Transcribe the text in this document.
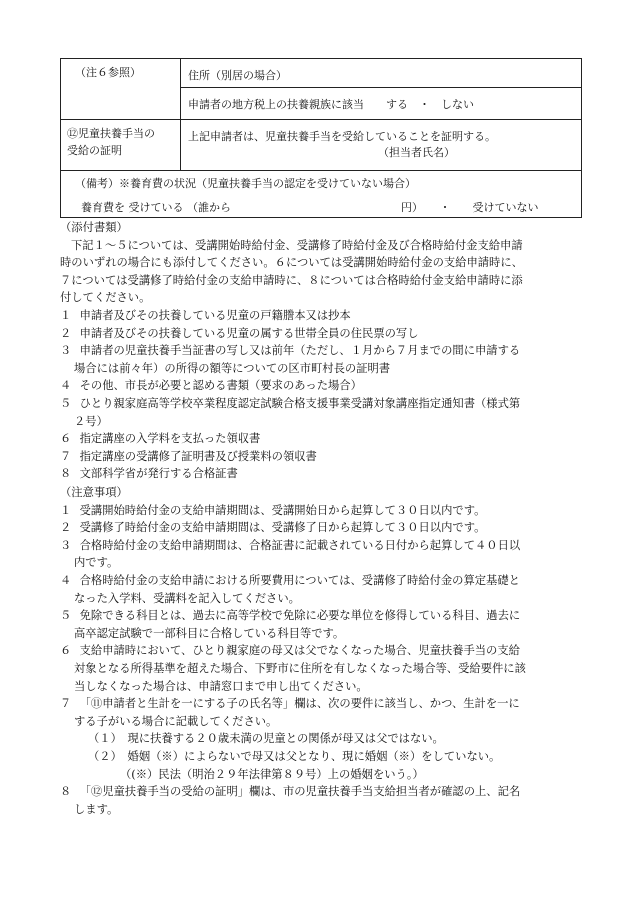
（注６参照）	住所（別居の場合）
申請者の地方税上の扶養親族に該当　　する　・　しない
⑫児童扶養手当の
受給の証明
上記申請者は、児童扶養手当を受給していることを証明する。
（担当者氏名）
（備考）※養育費の状況（児童扶養手当の認定を受けていない場合）
養育費を 受けている （誰から	円）　　・　　受けていない
（添付書類）
下記１～５については、受講開始時給付金、受講修了時給付金及び合格時給付金支給申請
時のいずれの場合にも添付してください。６については受講開始時給付金の支給申請時に、
７については受講修了時給付金の支給申請時に、８については合格時給付金支給申請時に添
付してください。
１ 申請者及びその扶養している児童の戸籍謄本又は抄本
２ 申請者及びその扶養している児童の属する世帯全員の住民票の写し
３ 申請者の児童扶養手当証書の写し又は前年（ただし、１月から７月までの間に申請する
場合には前々年）の所得の額等についての区市町村長の証明書
４ その他、市長が必要と認める書類（要求のあった場合）
５ ひとり親家庭高等学校卒業程度認定試験合格支援事業受講対象講座指定通知書（様式第
２号）
６ 指定講座の入学料を支払った領収書
７ 指定講座の受講修了証明書及び授業料の領収書
８ 文部科学省が発行する合格証書
（注意事項）
１ 受講開始時給付金の支給申請期間は、受講開始日から起算して３０日以内です。
２ 受講修了時給付金の支給申請期間は、受講修了日から起算して３０日以内です。
３ 合格時給付金の支給申請期間は、合格証書に記載されている日付から起算して４０日以
内です。
４ 合格時給付金の支給申請における所要費用については、受講修了時給付金の算定基礎と
なった入学料、受講料を記入してください。
５ 免除できる科目とは、過去に高等学校で免除に必要な単位を修得している科目、過去に
高卒認定試験で一部科目に合格している科目等です。
６ 支給申請時において、ひとり親家庭の母又は父でなくなった場合、児童扶養手当の支給
対象となる所得基準を超えた場合、下野市に住所を有しなくなった場合等、受給要件に該
当しなくなった場合は、申請窓口まで申し出てください。
７ 「⑪申請者と生計を一にする子の氏名等」欄は、次の要件に該当し、かつ、生計を一に
する子がいる場合に記載してください。
（１）　現に扶養する２０歳未満の児童との関係が母又は父ではない。
（２）　婚姻（※）によらないで母又は父となり、現に婚姻（※）をしていない。
（(※）民法（明治２９年法律第８９号）上の婚姻をいう。）
８ 「⑫児童扶養手当の受給の証明」欄は、市の児童扶養手当支給担当者が確認の上、記名
します。
